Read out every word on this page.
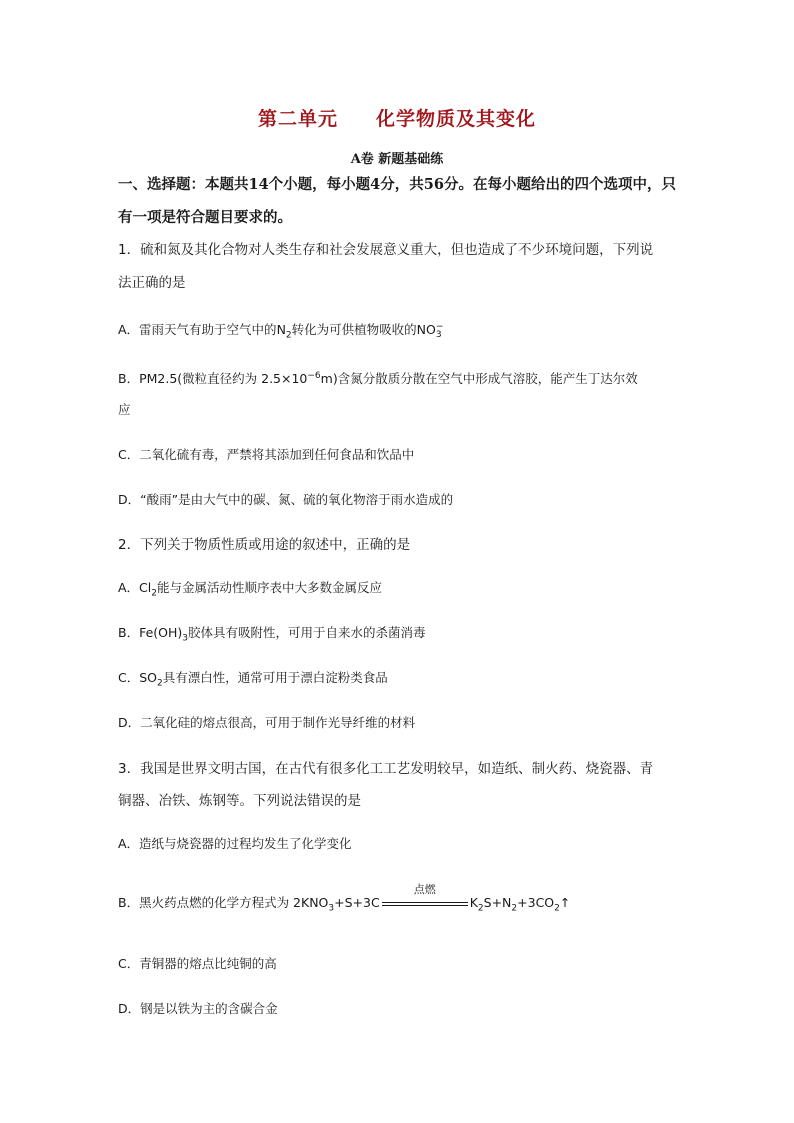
第二单元 化学物质及其变化
A卷 新题基础练
一、选择题：本题共14个小题，每小题4分，共56分。在每小题给出的四个选项中，只
有一项是符合题目要求的。
1．硫和氮及其化合物对人类生存和社会发展意义重大，但也造成了不少环境问题，下列说
法正确的是
A．雷雨天气有助于空气中的$N_2$转化为可供植物吸收的NO −
3
B．PM2.5(微粒直径约为 $2.5\times 10^{-6}m$)含氮分散质分散在空气中形成气溶胶，能产生丁达尔效
应
C．二氧化硫有毒，严禁将其添加到任何食品和饮品中
D．“酸雨”是由大气中的碳、氮、硫的氧化物溶于雨水造成的
2．下列关于物质性质或用途的叙述中，正确的是
A．$Cl_2$能与金属活动性顺序表中大多数金属反应
B．$Fe(OH)_3$胶体具有吸附性，可用于自来水的杀菌消毒
C．$SO_2$具有漂白性，通常可用于漂白淀粉类食品
D．二氧化硅的熔点很高，可用于制作光导纤维的材料
3．我国是世界文明古国，在古代有很多化工工艺发明较早，如造纸、制火药、烧瓷器、青
铜器、冶铁、炼钢等。下列说法错误的是
A．造纸与烧瓷器的过程均发生了化学变化
B．黑火药点燃的化学方程式为 $2KNO_3+S+3C$
点燃
$K_2S+N_2+3CO_2↑$
C．青铜器的熔点比纯铜的高
D．钢是以铁为主的含碳合金
